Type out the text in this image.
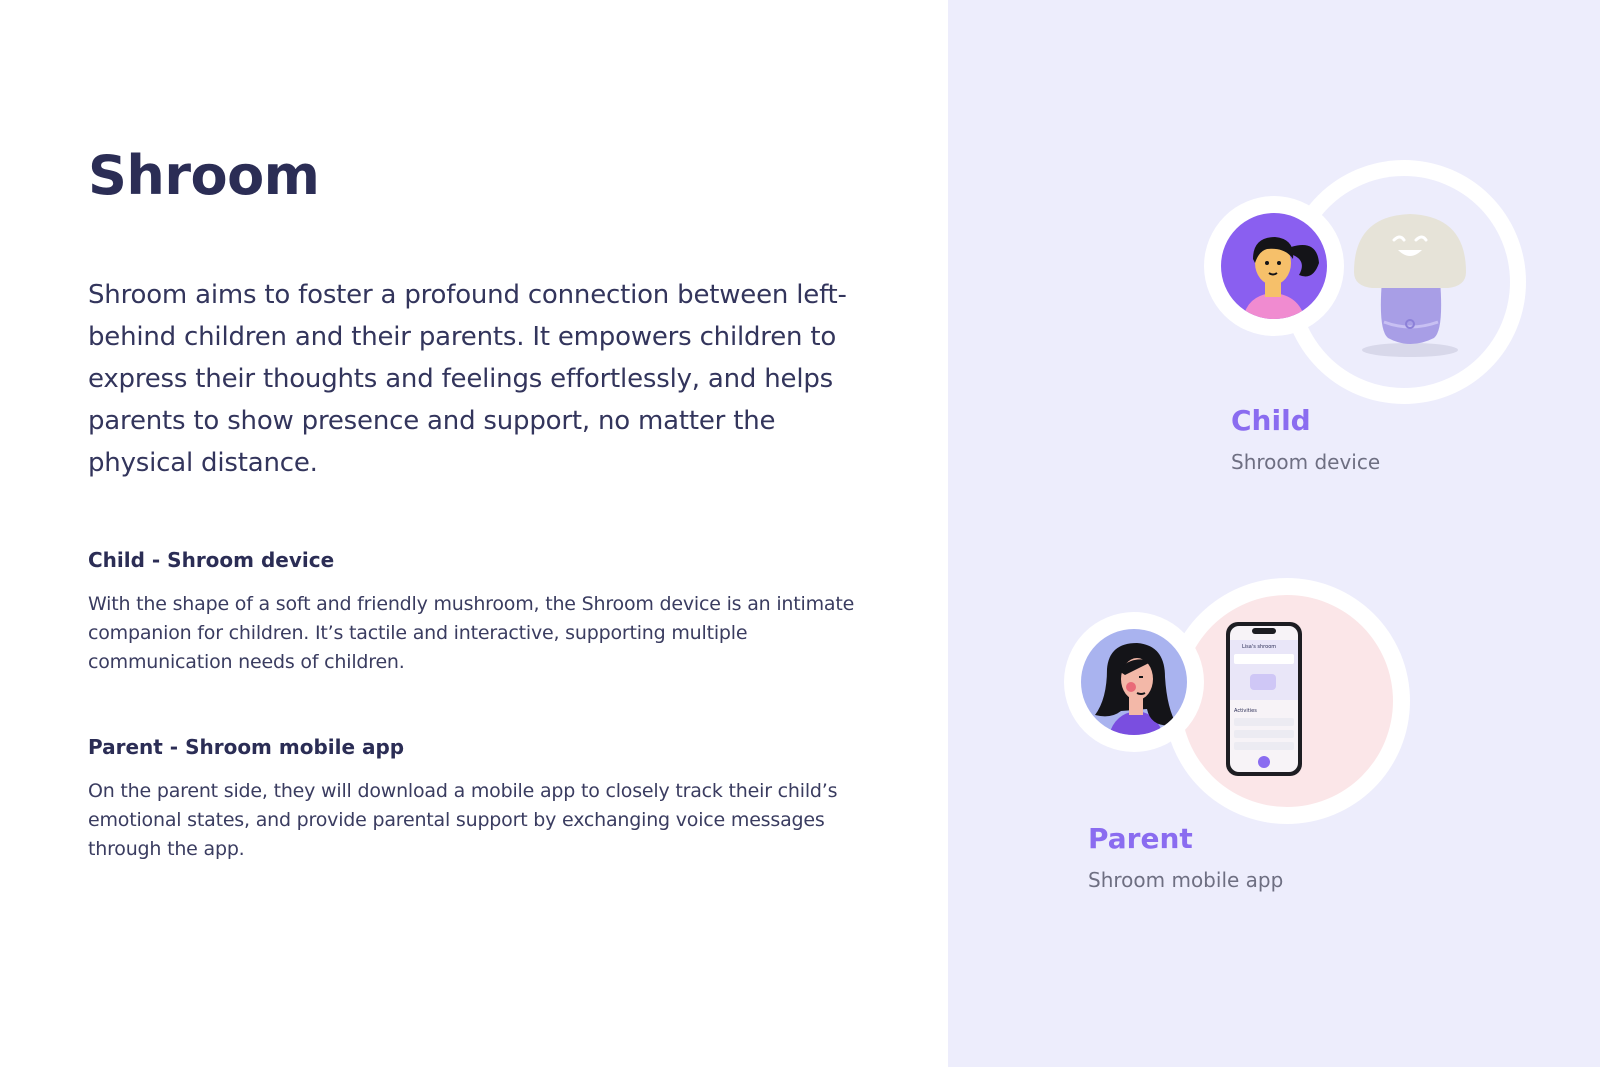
Shroom

Shroom aims to foster a profound connection between left-behind children and their parents. It empowers children to express their thoughts and feelings effortlessly, and helps parents to show presence and support, no matter the physical distance.

Child - Shroom device

With the shape of a soft and friendly mushroom, the Shroom device is an intimate companion for children. It’s tactile and interactive, supporting multiple communication needs of children.

Parent - Shroom mobile app

On the parent side, they will download a mobile app to closely track their child’s emotional states, and provide parental support by exchanging voice messages through the app.

Child

Shroom device

Lisa's shroom
Activities

Parent

Shroom mobile app
